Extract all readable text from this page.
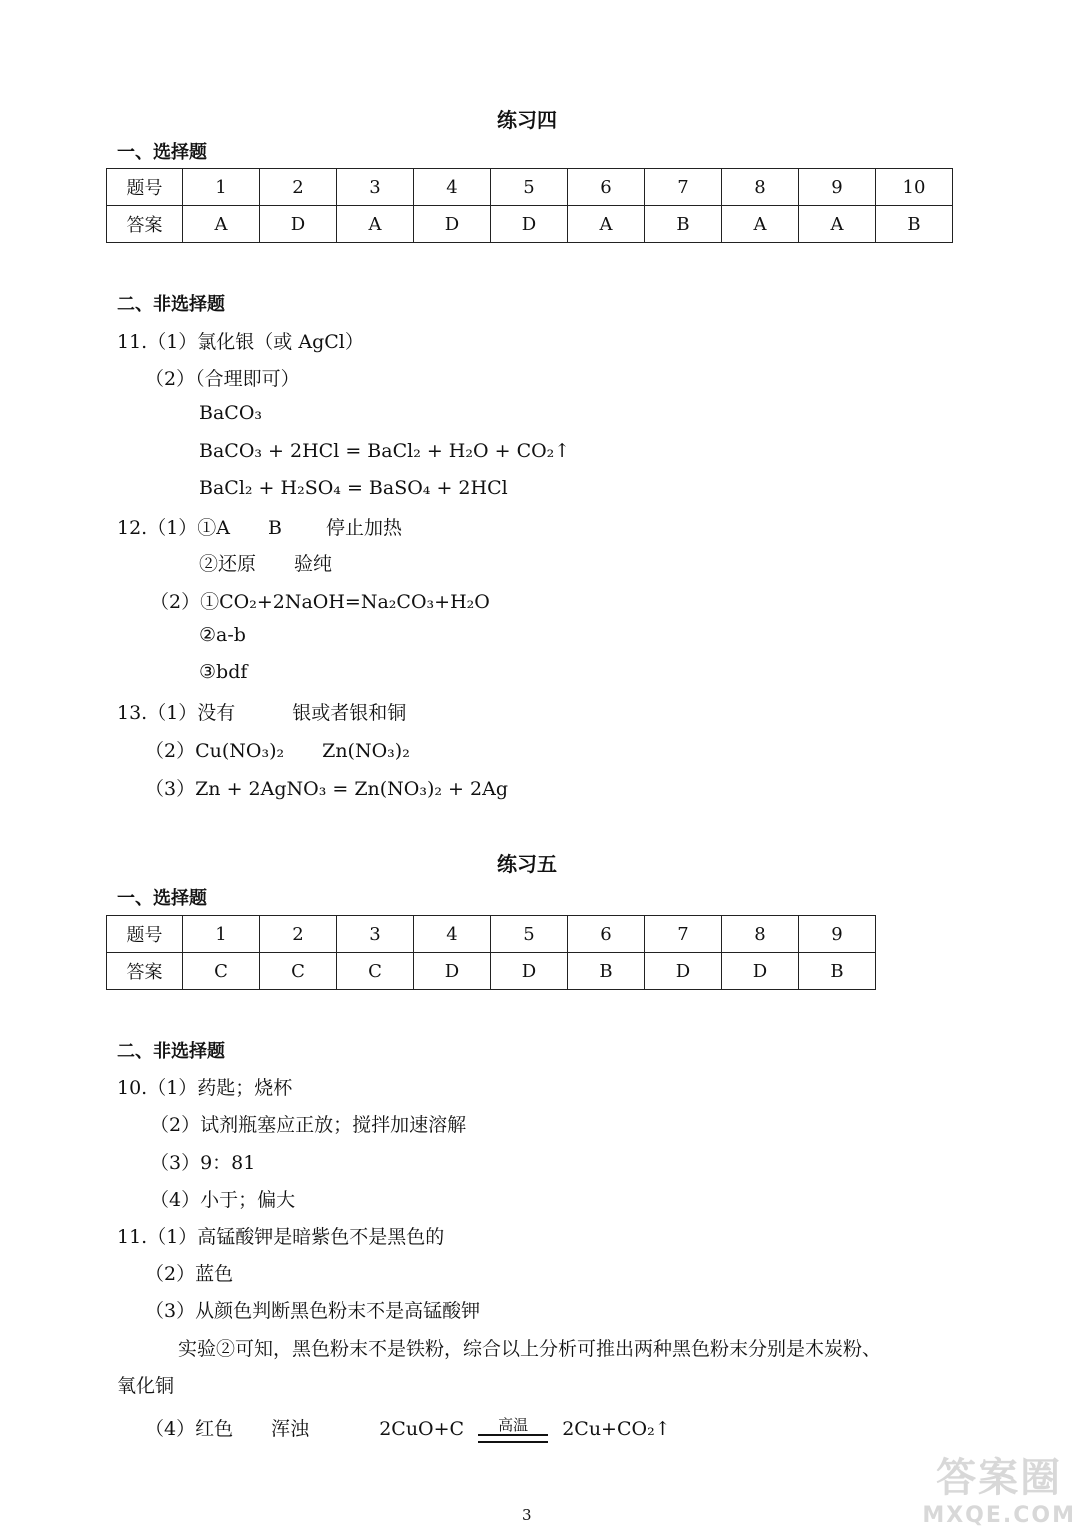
练习四
一、选择题
题号	1	2	3	4	5	6	7	8	9	10
答案	A	D	A	D	D	A	B	A	A	B
二、非选择题
11.（1）氯化银（或 AgCl）
（2）（合理即可）
BaCO₃
BaCO₃ + 2HCl = BaCl₂ + H₂O + CO₂↑
BaCl₂ + H₂SO₄ = BaSO₄ + 2HCl
12.（1）①A　　B　　 停止加热
②还原　　验纯
（2）①CO₂+2NaOH=Na₂CO₃+H₂O
②a-b
③bdf
13.（1）没有　　　银或者银和铜
（2）Cu(NO₃)₂　　Zn(NO₃)₂
（3）Zn + 2AgNO₃ = Zn(NO₃)₂ + 2Ag
练习五
一、选择题
题号	1	2	3	4	5	6	7	8	9
答案	C	C	C	D	D	B	D	D	B
二、非选择题
10.（1）药匙；烧杯
（2）试剂瓶塞应正放；搅拌加速溶解
（3）9：81
（4）小于；偏大
11.（1）高锰酸钾是暗紫色不是黑色的
（2）蓝色
（3）从颜色判断黑色粉末不是高锰酸钾
实验②可知，黑色粉末不是铁粉，综合以上分析可推出两种黑色粉末分别是木炭粉、
氧化铜
（4）红色　　浑浊	2CuO+C	高温	2Cu+CO₂↑
3
答案圈
MXQE.COM
